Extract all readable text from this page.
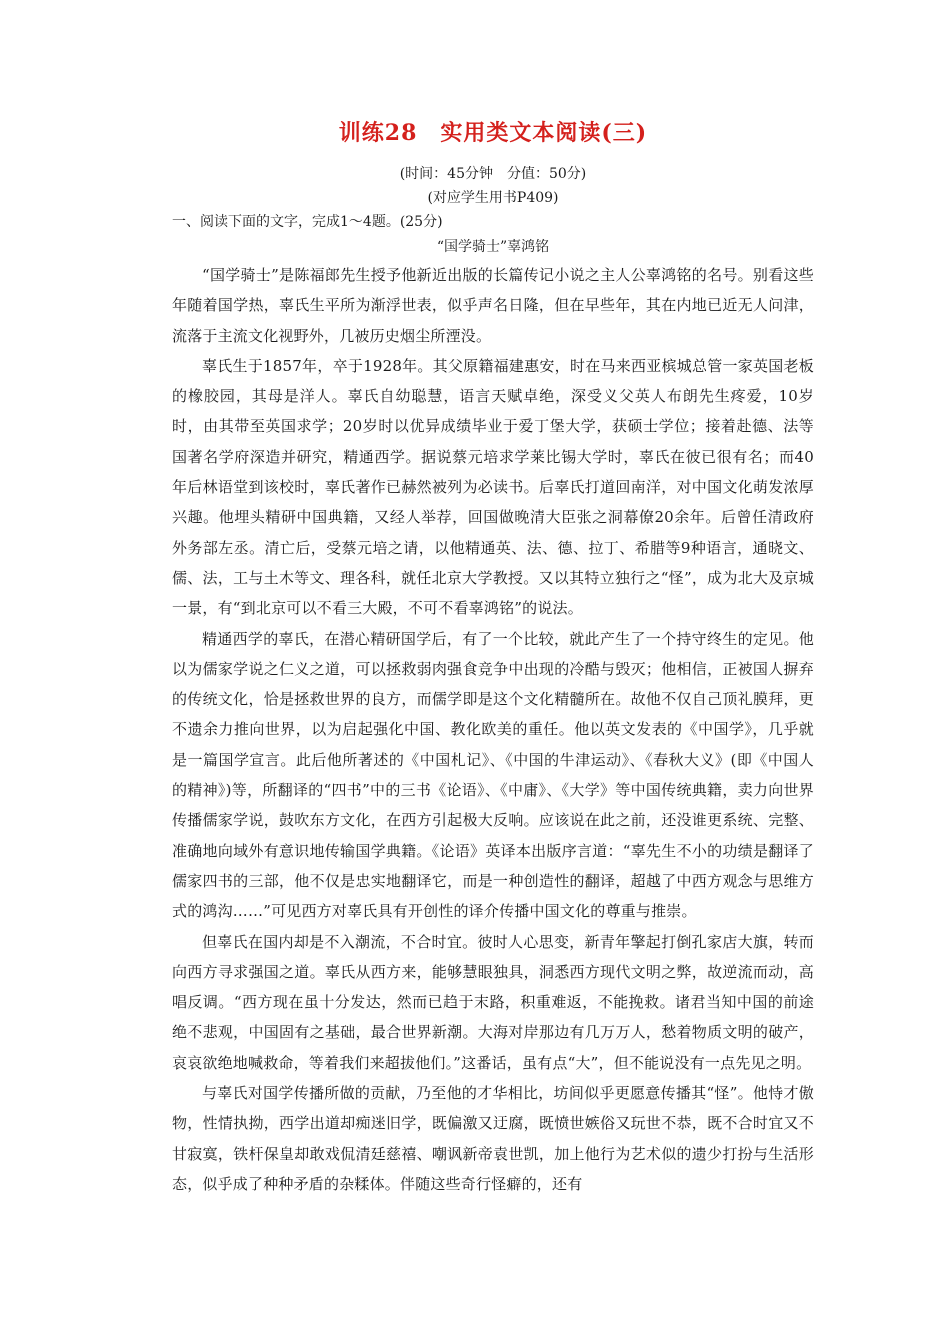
训练28　实用类文本阅读(三)

(时间：45分钟　分值：50分)

(对应学生用书P409)

一、阅读下面的文字，完成1～4题。(25分)

“国学骑士”辜鸿铭

“国学骑士”是陈福郎先生授予他新近出版的长篇传记小说之主人公辜鸿铭的名号。别看这些年随着国学热，辜氏生平所为渐浮世表，似乎声名日隆，但在早些年，其在内地已近无人问津，流落于主流文化视野外，几被历史烟尘所湮没。

辜氏生于1857年，卒于1928年。其父原籍福建惠安，时在马来西亚槟城总管一家英国老板的橡胶园，其母是洋人。辜氏自幼聪慧，语言天赋卓绝，深受义父英人布朗先生疼爱，10岁时，由其带至英国求学；20岁时以优异成绩毕业于爱丁堡大学，获硕士学位；接着赴德、法等国著名学府深造并研究，精通西学。据说蔡元培求学莱比锡大学时，辜氏在彼已很有名；而40年后林语堂到该校时，辜氏著作已赫然被列为必读书。后辜氏打道回南洋，对中国文化萌发浓厚兴趣。他埋头精研中国典籍，又经人举荐，回国做晚清大臣张之洞幕僚20余年。后曾任清政府外务部左丞。清亡后，受蔡元培之请，以他精通英、法、德、拉丁、希腊等9种语言，通晓文、儒、法，工与土木等文、理各科，就任北京大学教授。又以其特立独行之“怪”，成为北大及京城一景，有“到北京可以不看三大殿，不可不看辜鸿铭”的说法。

精通西学的辜氏，在潜心精研国学后，有了一个比较，就此产生了一个持守终生的定见。他以为儒家学说之仁义之道，可以拯救弱肉强食竞争中出现的冷酷与毁灭；他相信，正被国人摒弃的传统文化，恰是拯救世界的良方，而儒学即是这个文化精髓所在。故他不仅自己顶礼膜拜，更不遗余力推向世界，以为启起强化中国、教化欧美的重任。他以英文发表的《中国学》，几乎就是一篇国学宣言。此后他所著述的《中国札记》、《中国的牛津运动》、《春秋大义》(即《中国人的精神》)等，所翻译的“四书”中的三书《论语》、《中庸》、《大学》等中国传统典籍，卖力向世界传播儒家学说，鼓吹东方文化，在西方引起极大反响。应该说在此之前，还没谁更系统、完整、准确地向域外有意识地传输国学典籍。《论语》英译本出版序言道：“辜先生不小的功绩是翻译了儒家四书的三部，他不仅是忠实地翻译它，而是一种创造性的翻译，超越了中西方观念与思维方式的鸿沟……”可见西方对辜氏具有开创性的译介传播中国文化的尊重与推崇。

但辜氏在国内却是不入潮流，不合时宜。彼时人心思变，新青年擎起打倒孔家店大旗，转而向西方寻求强国之道。辜氏从西方来，能够慧眼独具，洞悉西方现代文明之弊，故逆流而动，高唱反调。“西方现在虽十分发达，然而已趋于末路，积重难返，不能挽救。诸君当知中国的前途绝不悲观，中国固有之基础，最合世界新潮。大海对岸那边有几万万人，愁着物质文明的破产，哀哀欲绝地喊救命，等着我们来超拔他们。”这番话，虽有点“大”，但不能说没有一点先见之明。

与辜氏对国学传播所做的贡献，乃至他的才华相比，坊间似乎更愿意传播其“怪”。他恃才傲物，性情执拗，西学出道却痴迷旧学，既偏激又迂腐，既愤世嫉俗又玩世不恭，既不合时宜又不甘寂寞，铁杆保皇却敢戏侃清廷慈禧、嘲讽新帝袁世凯，加上他行为艺术似的遗少打扮与生活形态，似乎成了种种矛盾的杂糅体。伴随这些奇行怪癖的，还有
